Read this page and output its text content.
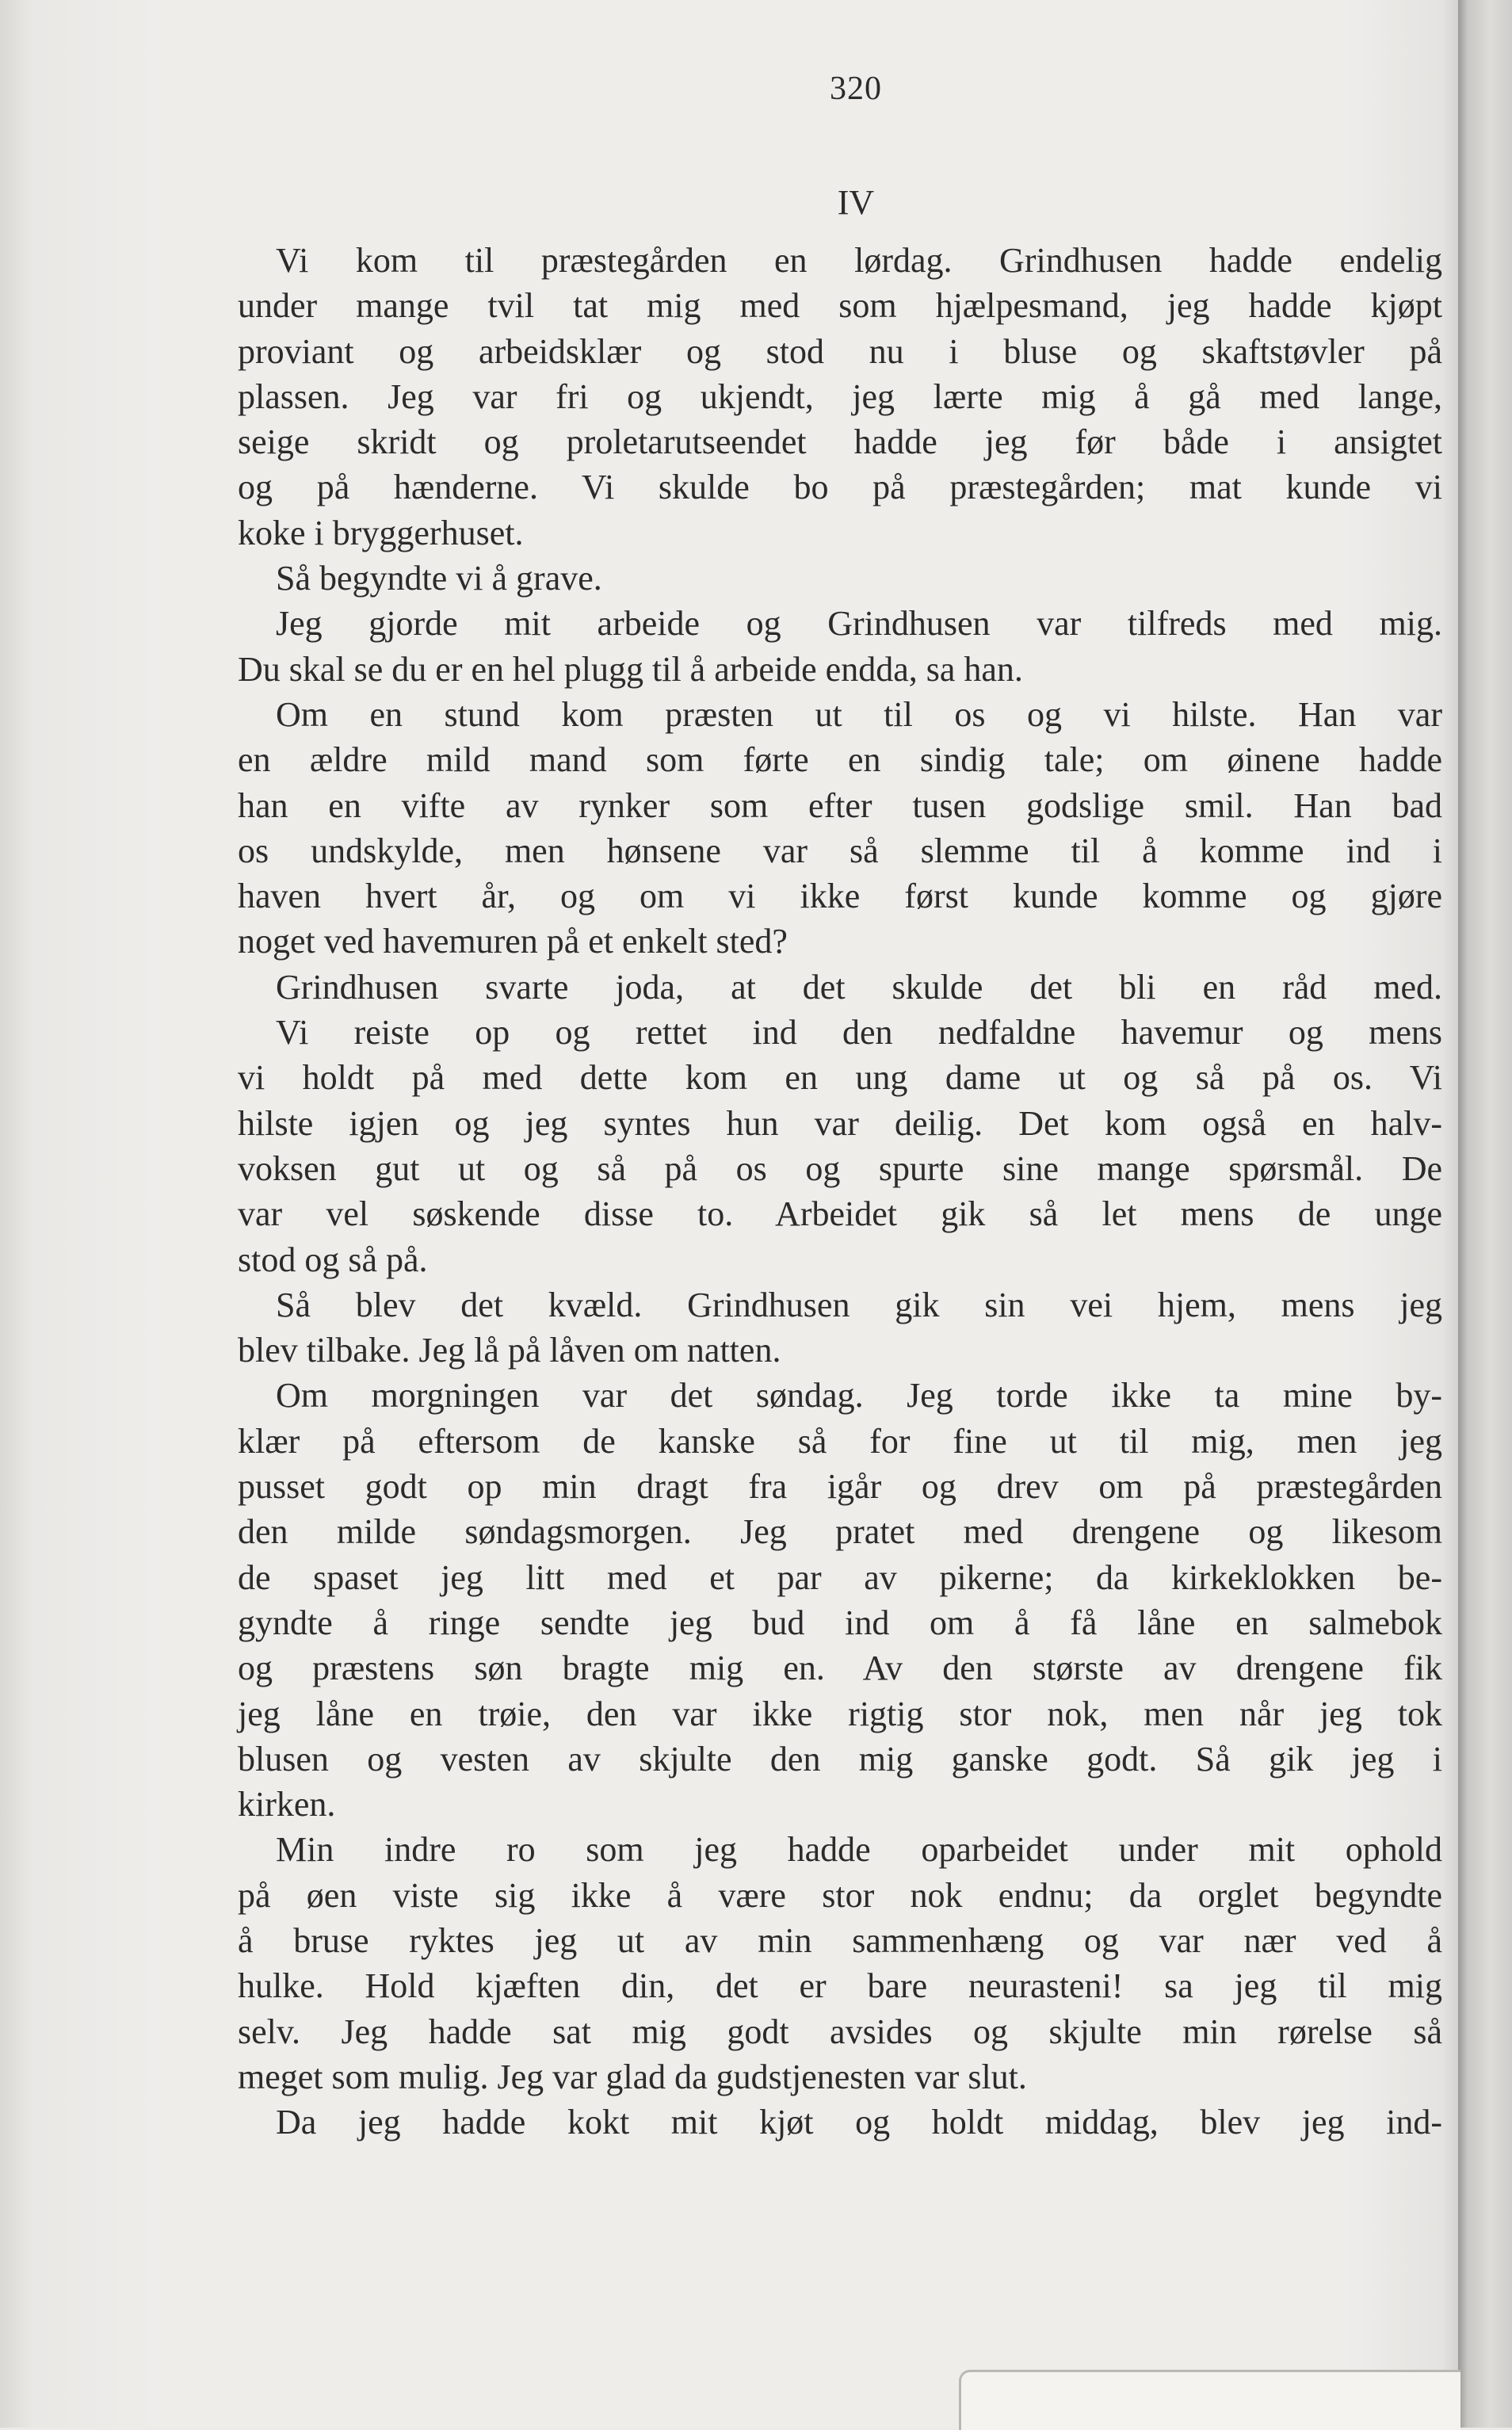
320
IV
Vi kom til præstegården en lørdag. Grindhusen hadde endelig
under mange tvil tat mig med som hjælpesmand, jeg hadde kjøpt
proviant og arbeidsklær og stod nu i bluse og skaftstøvler på
plassen. Jeg var fri og ukjendt, jeg lærte mig å gå med lange,
seige skridt og proletarutseendet hadde jeg før både i ansigtet
og på hænderne. Vi skulde bo på præstegården; mat kunde vi
koke i bryggerhuset.
Så begyndte vi å grave.
Jeg gjorde mit arbeide og Grindhusen var tilfreds med mig.
Du skal se du er en hel plugg til å arbeide endda, sa han.
Om en stund kom præsten ut til os og vi hilste. Han var
en ældre mild mand som førte en sindig tale; om øinene hadde
han en vifte av rynker som efter tusen godslige smil. Han bad
os undskylde, men hønsene var så slemme til å komme ind i
haven hvert år, og om vi ikke først kunde komme og gjøre
noget ved havemuren på et enkelt sted?
Grindhusen svarte joda, at det skulde det bli en råd med.
Vi reiste op og rettet ind den nedfaldne havemur og mens
vi holdt på med dette kom en ung dame ut og så på os. Vi
hilste igjen og jeg syntes hun var deilig. Det kom også en halv-
voksen gut ut og så på os og spurte sine mange spørsmål. De
var vel søskende disse to. Arbeidet gik så let mens de unge
stod og så på.
Så blev det kvæld. Grindhusen gik sin vei hjem, mens jeg
blev tilbake. Jeg lå på låven om natten.
Om morgningen var det søndag. Jeg torde ikke ta mine by-
klær på eftersom de kanske så for fine ut til mig, men jeg
pusset godt op min dragt fra igår og drev om på præstegården
den milde søndagsmorgen. Jeg pratet med drengene og likesom
de spaset jeg litt med et par av pikerne; da kirkeklokken be-
gyndte å ringe sendte jeg bud ind om å få låne en salmebok
og præstens søn bragte mig en. Av den største av drengene fik
jeg låne en trøie, den var ikke rigtig stor nok, men når jeg tok
blusen og vesten av skjulte den mig ganske godt. Så gik jeg i
kirken.
Min indre ro som jeg hadde oparbeidet under mit ophold
på øen viste sig ikke å være stor nok endnu; da orglet begyndte
å bruse ryktes jeg ut av min sammenhæng og var nær ved å
hulke. Hold kjæften din, det er bare neurasteni! sa jeg til mig
selv. Jeg hadde sat mig godt avsides og skjulte min rørelse så
meget som mulig. Jeg var glad da gudstjenesten var slut.
Da jeg hadde kokt mit kjøt og holdt middag, blev jeg ind-
